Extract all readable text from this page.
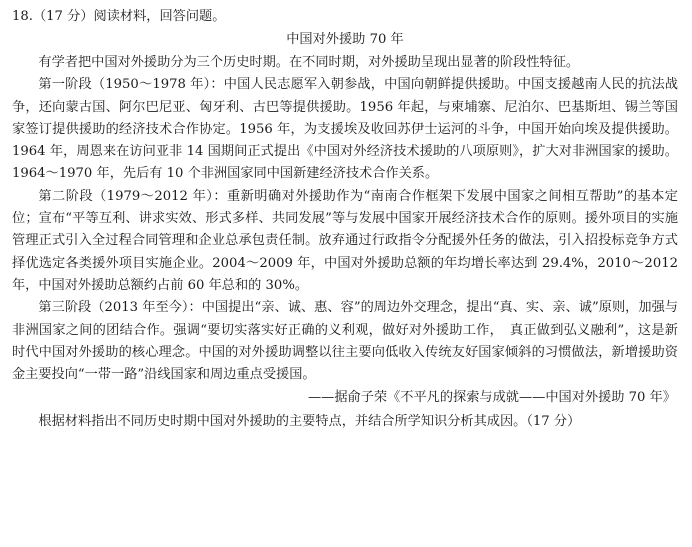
18.（17 分）阅读材料，回答问题。
中国对外援助 70 年

有学者把中国对外援助分为三个历史时期。在不同时期，对外援助呈现出显著的阶段性特征。

第一阶段（1950～1978 年）：中国人民志愿军入朝参战，中国向朝鲜提供援助。中国支援越南人民的抗法战争，还向蒙古国、阿尔巴尼亚、匈牙利、古巴等提供援助。1956 年起，与柬埔寨、尼泊尔、巴基斯坦、锡兰等国家签订提供援助的经济技术合作协定。1956 年，为支援埃及收回苏伊士运河的斗争，中国开始向埃及提供援助。1964 年，周恩来在访问亚非 14 国期间正式提出《中国对外经济技术援助的八项原则》，扩大对非洲国家的援助。1964～1970 年，先后有 10 个非洲国家同中国新建经济技术合作关系。

第二阶段（1979～2012 年）：重新明确对外援助作为“南南合作框架下发展中国家之间相互帮助”的基本定位；宣布“平等互利、讲求实效、形式多样、共同发展”等与发展中国家开展经济技术合作的原则。援外项目的实施管理正式引入全过程合同管理和企业总承包责任制。放弃通过行政指令分配援外任务的做法，引入招投标竞争方式择优选定各类援外项目实施企业。2004～2009 年，中国对外援助总额的年均增长率达到 29.4%，2010～2012 年，中国对外援助总额约占前 60 年总和的 30%。

第三阶段（2013 年至今）：中国提出“亲、诚、惠、容”的周边外交理念，提出“真、实、亲、诚”原则，加强与非洲国家之间的团结合作。强调“要切实落实好正确的义利观，做好对外援助工作，　真正做到弘义融利”，这是新时代中国对外援助的核心理念。中国的对外援助调整以往主要向低收入传统友好国家倾斜的习惯做法，新增援助资金主要投向“一带一路”沿线国家和周边重点受援国。

——据俞子荣《不平凡的探索与成就——中国对外援助 70 年》
根据材料指出不同历史时期中国对外援助的主要特点，并结合所学知识分析其成因。（17 分）
